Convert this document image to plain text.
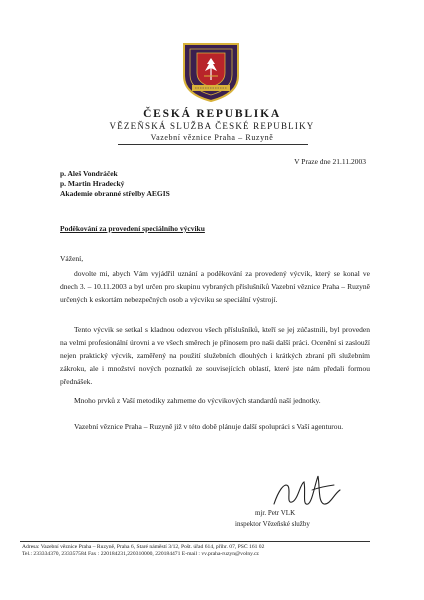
ČESKÁ REPUBLIKA
VĚZEŇSKÁ SLUŽBA ČESKÉ REPUBLIKY
Vazební věznice Praha – Ruzyně
V Praze dne 21.11.2003
p. Aleš Vondráček
p. Martin Hradecký
Akademie obranné střelby AEGIS
Poděkování za provedení speciálního výcviku

Vážení,

dovolte mi, abych Vám vyjádřil uznání a poděkování za provedený výcvik, který se konal ve dnech 3. – 10.11.2003 a byl určen pro skupinu vybraných příslušníků Vazební věznice Praha – Ruzyně určených k eskortám nebezpečných osob a výcviku se speciální výstrojí.

Tento výcvik se setkal s kladnou odezvou všech příslušníků, kteří se jej zúčastnili, byl proveden na velmi profesionální úrovni a ve všech směrech je přínosem pro naši další práci. Ocenění si zaslouží nejen praktický výcvik, zaměřený na použití služebních dlouhých i krátkých zbraní při služebním zákroku, ale i množství nových poznatků ze souvisejících oblastí, které jste nám předali formou přednášek.

Mnoho prvků z Vaší metodiky zahrneme do výcvikových standardů naší jednotky.

Vazební věznice Praha – Ruzyně již v této době plánuje další spolupráci s Vaší agenturou.

mjr. Petr VLK
inspektor Vězeňské služby
Adresa: Vazební věznice Praha – Ruzyně, Praha 6, Staré náměstí 3/12, Pošt. úřad 614, přihr. 07, PSČ 161 02
Tel.: 233334370, 233357584 Fax : 220184231,220310000, 220184471 E-mail : vv.praha-ruzyn@volny.cz
